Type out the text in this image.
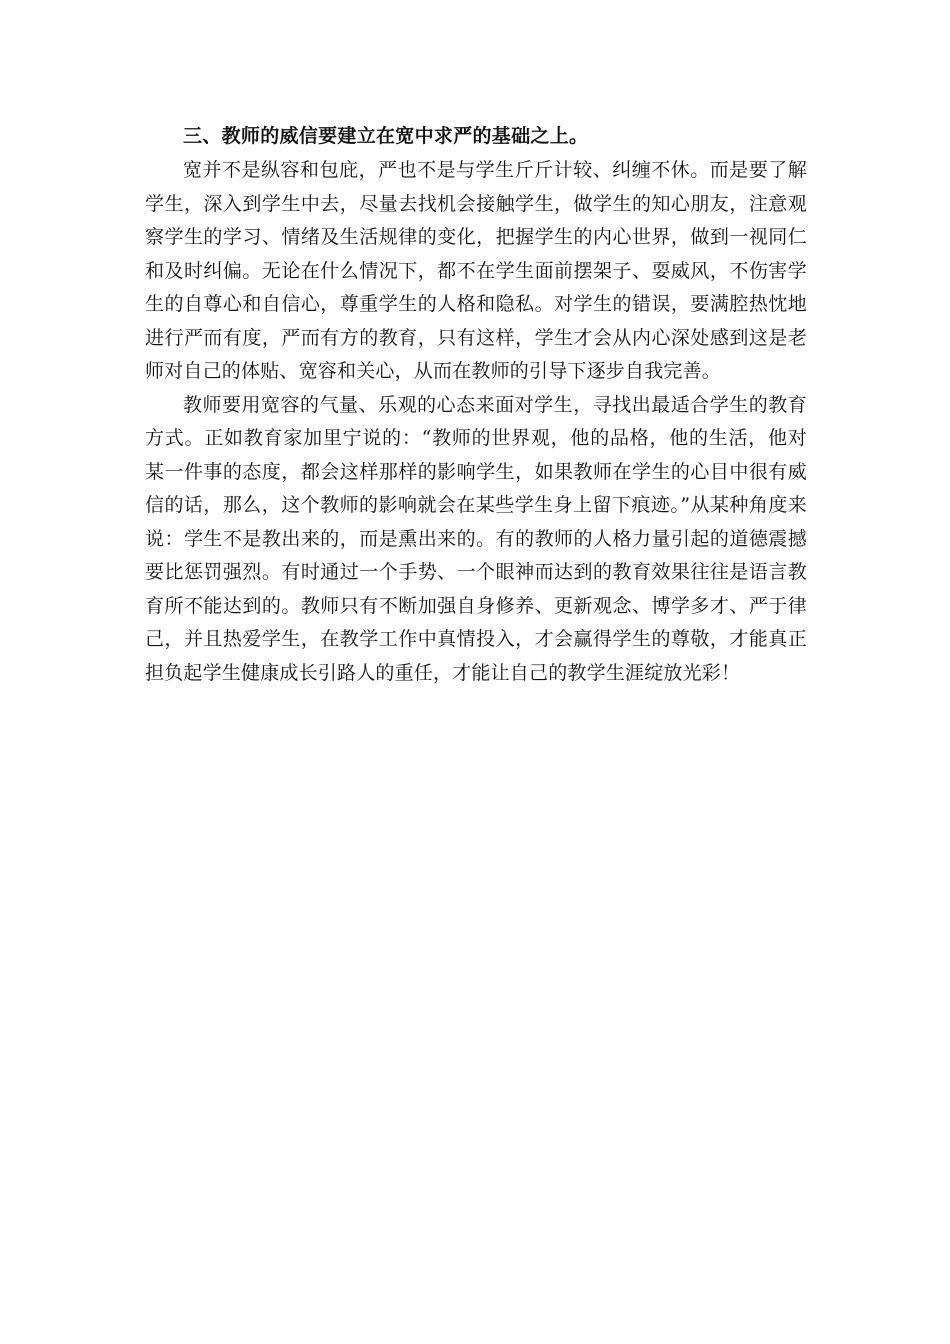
三、教师的威信要建立在宽中求严的基础之上。

宽并不是纵容和包庇，严也不是与学生斤斤计较、纠缠不休。而是要了解学生，深入到学生中去，尽量去找机会接触学生，做学生的知心朋友，注意观察学生的学习、情绪及生活规律的变化，把握学生的内心世界，做到一视同仁和及时纠偏。无论在什么情况下，都不在学生面前摆架子、耍威风，不伤害学生的自尊心和自信心，尊重学生的人格和隐私。对学生的错误，要满腔热忱地进行严而有度，严而有方的教育，只有这样，学生才会从内心深处感到这是老师对自己的体贴、宽容和关心，从而在教师的引导下逐步自我完善。

教师要用宽容的气量、乐观的心态来面对学生，寻找出最适合学生的教育方式。正如教育家加里宁说的：“教师的世界观，他的品格，他的生活，他对某一件事的态度，都会这样那样的影响学生，如果教师在学生的心目中很有威信的话，那么，这个教师的影响就会在某些学生身上留下痕迹。”从某种角度来说：学生不是教出来的，而是熏出来的。有的教师的人格力量引起的道德震撼要比惩罚强烈。有时通过一个手势、一个眼神而达到的教育效果往往是语言教育所不能达到的。教师只有不断加强自身修养、更新观念、博学多才、严于律己，并且热爱学生，在教学工作中真情投入，才会赢得学生的尊敬，才能真正担负起学生健康成长引路人的重任，才能让自己的教学生涯绽放光彩！
